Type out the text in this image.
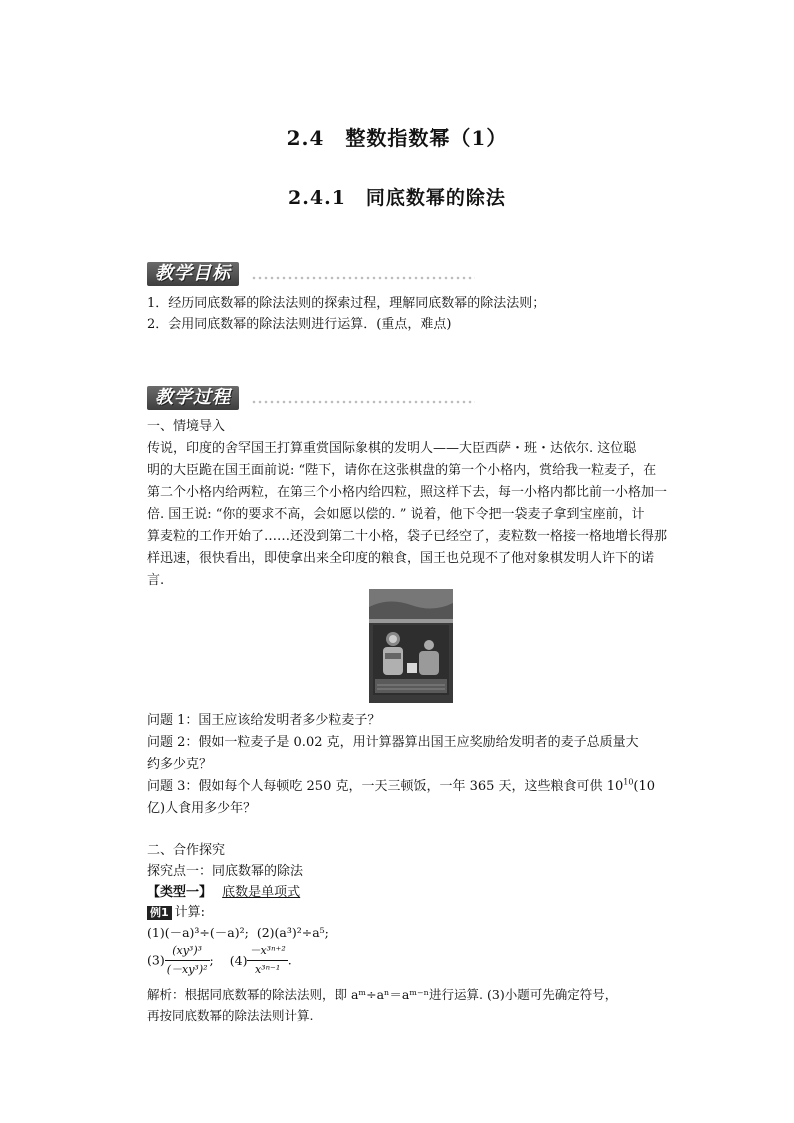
2.4　整数指数幂（1）
2.4.1　同底数幂的除法
教学目标
1．经历同底数幂的除法法则的探索过程，理解同底数幂的除法法则；
2．会用同底数幂的除法法则进行运算．(重点，难点)
教学过程
一、情境导入
传说，印度的舍罕国王打算重赏国际象棋的发明人——大臣西萨・班・达依尔. 这位聪
明的大臣跪在国王面前说: “陛下，请你在这张棋盘的第一个小格内，赏给我一粒麦子，在
第二个小格内给两粒，在第三个小格内给四粒，照这样下去，每一小格内都比前一小格加一
倍. 国王说: “你的要求不高，会如愿以偿的. ” 说着，他下令把一袋麦子拿到宝座前，计
算麦粒的工作开始了……还没到第二十小格，袋子已经空了，麦粒数一格接一格地增长得那
样迅速，很快看出，即使拿出来全印度的粮食，国王也兑现不了他对象棋发明人许下的诺
言.
问题 1：国王应该给发明者多少粒麦子？
问题 2：假如一粒麦子是 0.02 克，用计算器算出国王应奖励给发明者的麦子总质量大
约多少克？
问题 3：假如每个人每顿吃 250 克，一天三顿饭，一年 365 天，这些粮食可供 $10^{10}(10$
亿)人食用多少年？
二、合作探究
探究点一：同底数幂的除法
【类型一】 底数是单项式
例1 计算:
(1)(－a)³÷(－a)²; (2)(a³)²÷a⁵;
$(3) \frac{\text{(xy³)³}}{\text{(－xy³)²}}$ ; $(4) \frac{\text{－x³ⁿ⁺²}}{\text{x³ⁿ⁻¹}}$ .
解析：根据同底数幂的除法法则，即 aᵐ÷aⁿ＝aᵐ⁻ⁿ进行运算. (3)小题可先确定符号，
再按同底数幂的除法法则计算.
